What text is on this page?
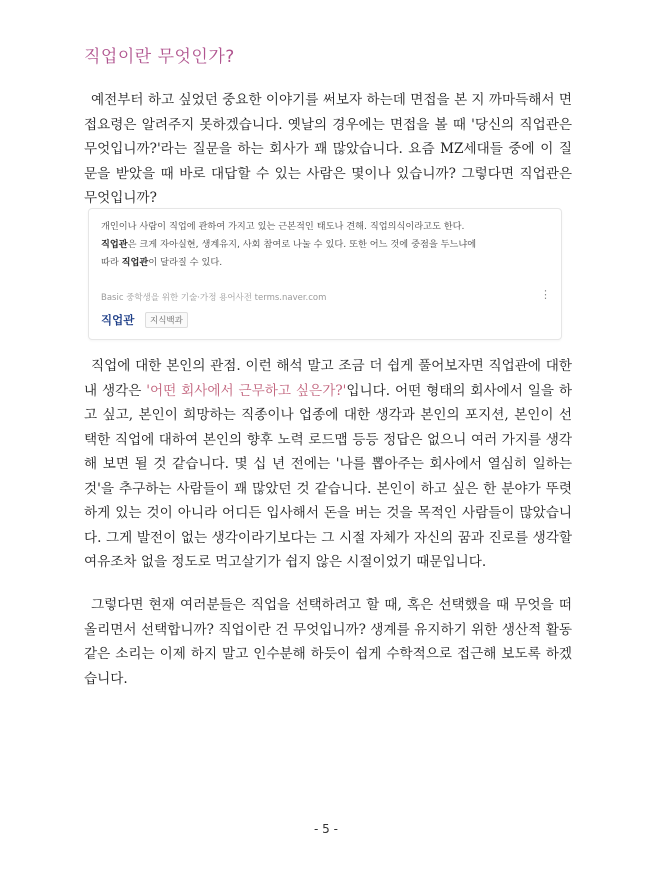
직업이란 무엇인가?

예전부터 하고 싶었던 중요한 이야기를 써보자 하는데 면접을 본 지 까마득해서 면접요령은 알려주지 못하겠습니다. 옛날의 경우에는 면접을 볼 때 '당신의 직업관은 무엇입니까?'라는 질문을 하는 회사가 꽤 많았습니다. 요즘 MZ세대들 중에 이 질문을 받았을 때 바로 대답할 수 있는 사람은 몇이나 있습니까? 그렇다면 직업관은 무엇입니까?

개인이나 사람이 직업에 관하여 가지고 있는 근본적인 태도나 견해. 직업의식이라고도 한다.
직업관은 크게 자아실현, 생계유지, 사회 참여로 나눌 수 있다. 또한 어느 것에 중점을 두느냐에
따라 직업관이 달라질 수 있다.
Basic 중학생을 위한 기술·가정 용어사전 terms.naver.com	⋮
직업관	지식백과

직업에 대한 본인의 관점. 이런 해석 말고 조금 더 쉽게 풀어보자면 직업관에 대한 내 생각은 '어떤 회사에서 근무하고 싶은가?'입니다. 어떤 형태의 회사에서 일을 하고 싶고, 본인이 희망하는 직종이나 업종에 대한 생각과 본인의 포지션, 본인이 선택한 직업에 대하여 본인의 향후 노력 로드맵 등등 정답은 없으니 여러 가지를 생각해 보면 될 것 같습니다. 몇 십 년 전에는 '나를 뽑아주는 회사에서 열심히 일하는 것'을 추구하는 사람들이 꽤 많았던 것 같습니다. 본인이 하고 싶은 한 분야가 뚜렷하게 있는 것이 아니라 어디든 입사해서 돈을 버는 것을 목적인 사람들이 많았습니다. 그게 발전이 없는 생각이라기보다는 그 시절 자체가 자신의 꿈과 진로를 생각할 여유조차 없을 정도로 먹고살기가 쉽지 않은 시절이었기 때문입니다.

그렇다면 현재 여러분들은 직업을 선택하려고 할 때, 혹은 선택했을 때 무엇을 떠올리면서 선택합니까? 직업이란 건 무엇입니까? 생계를 유지하기 위한 생산적 활동 같은 소리는 이제 하지 말고 인수분해 하듯이 쉽게 수학적으로 접근해 보도록 하겠습니다.

- 5 -
